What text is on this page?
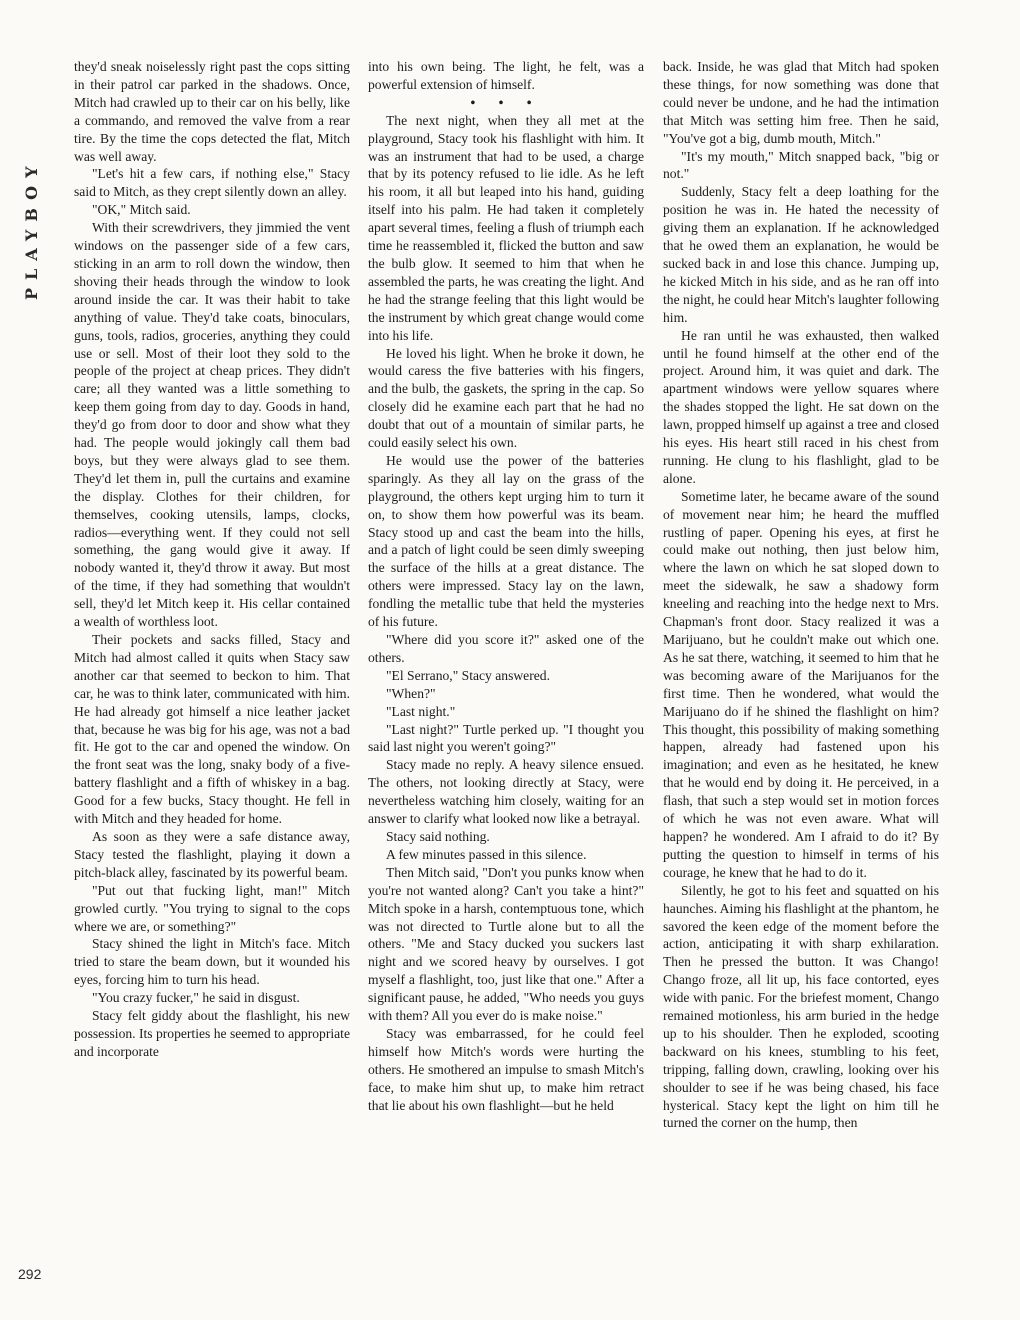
PLAYBOY

they'd sneak noiselessly right past the cops sitting in their patrol car parked in the shadows. Once, Mitch had crawled up to their car on his belly, like a commando, and removed the valve from a rear tire. By the time the cops detected the flat, Mitch was well away.

"Let's hit a few cars, if nothing else," Stacy said to Mitch, as they crept silently down an alley.

"OK," Mitch said.

With their screwdrivers, they jimmied the vent windows on the passenger side of a few cars, sticking in an arm to roll down the window, then shoving their heads through the window to look around inside the car. It was their habit to take anything of value. They'd take coats, binoculars, guns, tools, radios, groceries, anything they could use or sell. Most of their loot they sold to the people of the project at cheap prices. They didn't care; all they wanted was a little something to keep them going from day to day. Goods in hand, they'd go from door to door and show what they had. The people would jokingly call them bad boys, but they were always glad to see them. They'd let them in, pull the curtains and examine the display. Clothes for their children, for themselves, cooking utensils, lamps, clocks, radios—everything went. If they could not sell something, the gang would give it away. If nobody wanted it, they'd throw it away. But most of the time, if they had something that wouldn't sell, they'd let Mitch keep it. His cellar contained a wealth of worthless loot.

Their pockets and sacks filled, Stacy and Mitch had almost called it quits when Stacy saw another car that seemed to beckon to him. That car, he was to think later, communicated with him. He had already got himself a nice leather jacket that, because he was big for his age, was not a bad fit. He got to the car and opened the window. On the front seat was the long, snaky body of a five-battery flashlight and a fifth of whiskey in a bag. Good for a few bucks, Stacy thought. He fell in with Mitch and they headed for home.

As soon as they were a safe distance away, Stacy tested the flashlight, playing it down a pitch-black alley, fascinated by its powerful beam.

"Put out that fucking light, man!" Mitch growled curtly. "You trying to signal to the cops where we are, or something?"

Stacy shined the light in Mitch's face. Mitch tried to stare the beam down, but it wounded his eyes, forcing him to turn his head.

"You crazy fucker," he said in disgust.

Stacy felt giddy about the flashlight, his new possession. Its properties he seemed to appropriate and incorporate

into his own being. The light, he felt, was a powerful extension of himself.

• • •

The next night, when they all met at the playground, Stacy took his flashlight with him. It was an instrument that had to be used, a charge that by its potency refused to lie idle. As he left his room, it all but leaped into his hand, guiding itself into his palm. He had taken it completely apart several times, feeling a flush of triumph each time he reassembled it, flicked the button and saw the bulb glow. It seemed to him that when he assembled the parts, he was creating the light. And he had the strange feeling that this light would be the instrument by which great change would come into his life.

He loved his light. When he broke it down, he would caress the five batteries with his fingers, and the bulb, the gaskets, the spring in the cap. So closely did he examine each part that he had no doubt that out of a mountain of similar parts, he could easily select his own.

He would use the power of the batteries sparingly. As they all lay on the grass of the playground, the others kept urging him to turn it on, to show them how powerful was its beam. Stacy stood up and cast the beam into the hills, and a patch of light could be seen dimly sweeping the surface of the hills at a great distance. The others were impressed. Stacy lay on the lawn, fondling the metallic tube that held the mysteries of his future.

"Where did you score it?" asked one of the others.

"El Serrano," Stacy answered.

"When?"

"Last night."

"Last night?" Turtle perked up. "I thought you said last night you weren't going?"

Stacy made no reply. A heavy silence ensued. The others, not looking directly at Stacy, were nevertheless watching him closely, waiting for an answer to clarify what looked now like a betrayal.

Stacy said nothing.

A few minutes passed in this silence.

Then Mitch said, "Don't you punks know when you're not wanted along? Can't you take a hint?" Mitch spoke in a harsh, contemptuous tone, which was not directed to Turtle alone but to all the others. "Me and Stacy ducked you suckers last night and we scored heavy by ourselves. I got myself a flashlight, too, just like that one." After a significant pause, he added, "Who needs you guys with them? All you ever do is make noise."

Stacy was embarrassed, for he could feel himself how Mitch's words were hurting the others. He smothered an impulse to smash Mitch's face, to make him shut up, to make him retract that lie about his own flashlight—but he held

back. Inside, he was glad that Mitch had spoken these things, for now something was done that could never be undone, and he had the intimation that Mitch was setting him free. Then he said, "You've got a big, dumb mouth, Mitch."

"It's my mouth," Mitch snapped back, "big or not."

Suddenly, Stacy felt a deep loathing for the position he was in. He hated the necessity of giving them an explanation. If he acknowledged that he owed them an explanation, he would be sucked back in and lose this chance. Jumping up, he kicked Mitch in his side, and as he ran off into the night, he could hear Mitch's laughter following him.

He ran until he was exhausted, then walked until he found himself at the other end of the project. Around him, it was quiet and dark. The apartment windows were yellow squares where the shades stopped the light. He sat down on the lawn, propped himself up against a tree and closed his eyes. His heart still raced in his chest from running. He clung to his flashlight, glad to be alone.

Sometime later, he became aware of the sound of movement near him; he heard the muffled rustling of paper. Opening his eyes, at first he could make out nothing, then just below him, where the lawn on which he sat sloped down to meet the sidewalk, he saw a shadowy form kneeling and reaching into the hedge next to Mrs. Chapman's front door. Stacy realized it was a Marijuano, but he couldn't make out which one. As he sat there, watching, it seemed to him that he was becoming aware of the Marijuanos for the first time. Then he wondered, what would the Marijuano do if he shined the flashlight on him? This thought, this possibility of making something happen, already had fastened upon his imagination; and even as he hesitated, he knew that he would end by doing it. He perceived, in a flash, that such a step would set in motion forces of which he was not even aware. What will happen? he wondered. Am I afraid to do it? By putting the question to himself in terms of his courage, he knew that he had to do it.

Silently, he got to his feet and squatted on his haunches. Aiming his flashlight at the phantom, he savored the keen edge of the moment before the action, anticipating it with sharp exhilaration. Then he pressed the button. It was Chango! Chango froze, all lit up, his face contorted, eyes wide with panic. For the briefest moment, Chango remained motionless, his arm buried in the hedge up to his shoulder. Then he exploded, scooting backward on his knees, stumbling to his feet, tripping, falling down, crawling, looking over his shoulder to see if he was being chased, his face hysterical. Stacy kept the light on him till he turned the corner on the hump, then

292
